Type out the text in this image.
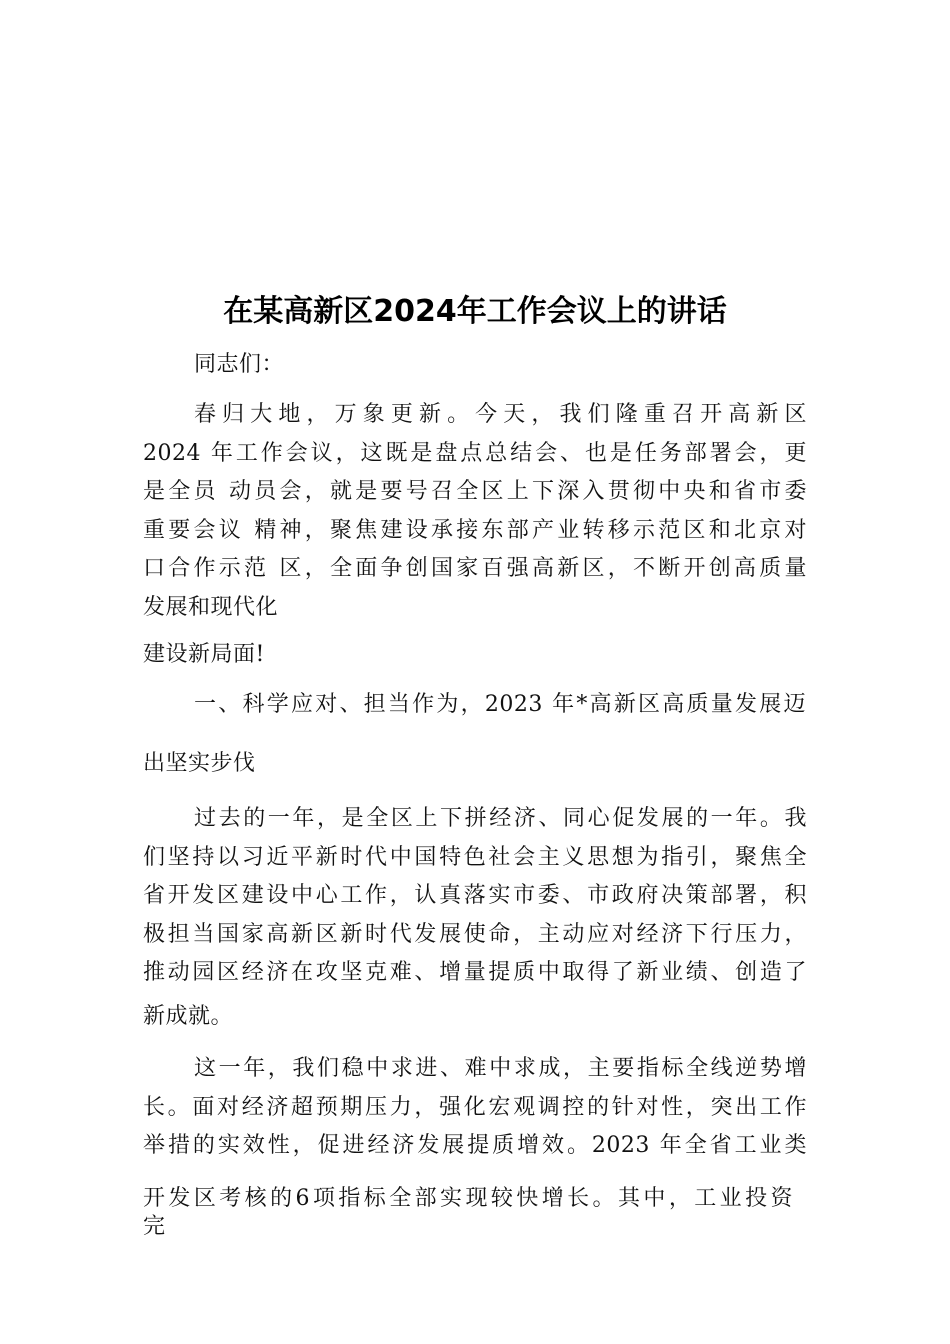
在某高新区2024年工作会议上的讲话
同志们：
春归大地，万象更新。今天，我们隆重召开高新区
2024 年工作会议，这既是盘点总结会、也是任务部署会，更
是全员 动员会，就是要号召全区上下深入贯彻中央和省市委
重要会议 精神，聚焦建设承接东部产业转移示范区和北京对
口合作示范 区，全面争创国家百强高新区，不断开创高质量
发展和现代化
建设新局面!
一、科学应对、担当作为，2023 年*高新区高质量发展迈
出坚实步伐
过去的一年，是全区上下拼经济、同心促发展的一年。我
们坚持以习近平新时代中国特色社会主义思想为指引，聚焦全
省开发区建设中心工作，认真落实市委、市政府决策部署，积
极担当国家高新区新时代发展使命，主动应对经济下行压力，
推动园区经济在攻坚克难、增量提质中取得了新业绩、创造了
新成就。
这一年，我们稳中求进、难中求成，主要指标全线逆势增
长。面对经济超预期压力，强化宏观调控的针对性，突出工作
举措的实效性，促进经济发展提质增效。2023 年全省工业类
开发区考核的6项指标全部实现较快增长。其中，工业投资
完
